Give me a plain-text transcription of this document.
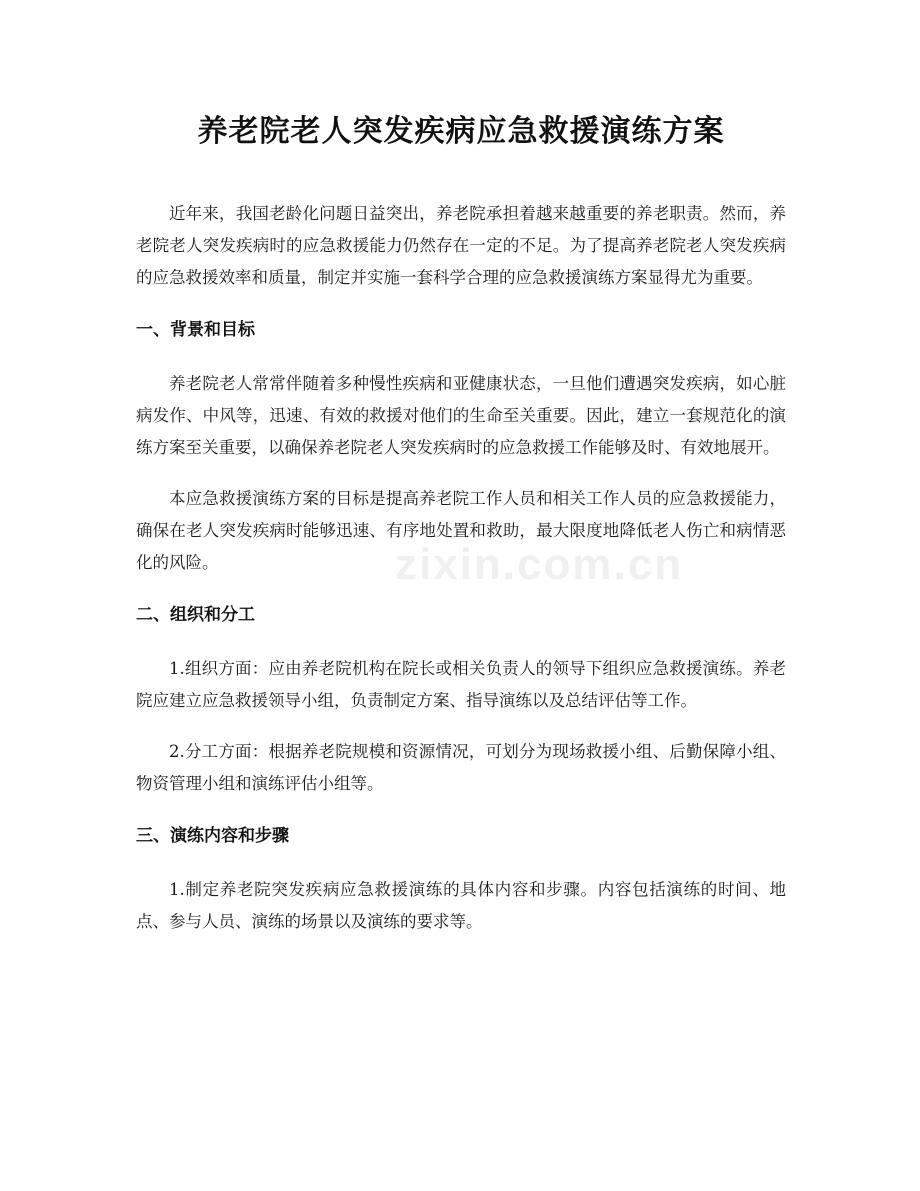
养老院老人突发疾病应急救援演练方案

近年来，我国老龄化问题日益突出，养老院承担着越来越重要的养老职责。然而，养老院老人突发疾病时的应急救援能力仍然存在一定的不足。为了提高养老院老人突发疾病的应急救援效率和质量，制定并实施一套科学合理的应急救援演练方案显得尤为重要。

一、背景和目标

养老院老人常常伴随着多种慢性疾病和亚健康状态，一旦他们遭遇突发疾病，如心脏病发作、中风等，迅速、有效的救援对他们的生命至关重要。因此，建立一套规范化的演练方案至关重要，以确保养老院老人突发疾病时的应急救援工作能够及时、有效地展开。

本应急救援演练方案的目标是提高养老院工作人员和相关工作人员的应急救援能力，确保在老人突发疾病时能够迅速、有序地处置和救助，最大限度地降低老人伤亡和病情恶化的风险。

二、组织和分工

1.组织方面：应由养老院机构在院长或相关负责人的领导下组织应急救援演练。养老院应建立应急救援领导小组，负责制定方案、指导演练以及总结评估等工作。

2.分工方面：根据养老院规模和资源情况，可划分为现场救援小组、后勤保障小组、物资管理小组和演练评估小组等。

三、演练内容和步骤

1.制定养老院突发疾病应急救援演练的具体内容和步骤。内容包括演练的时间、地点、参与人员、演练的场景以及演练的要求等。

zixin.com.cn
